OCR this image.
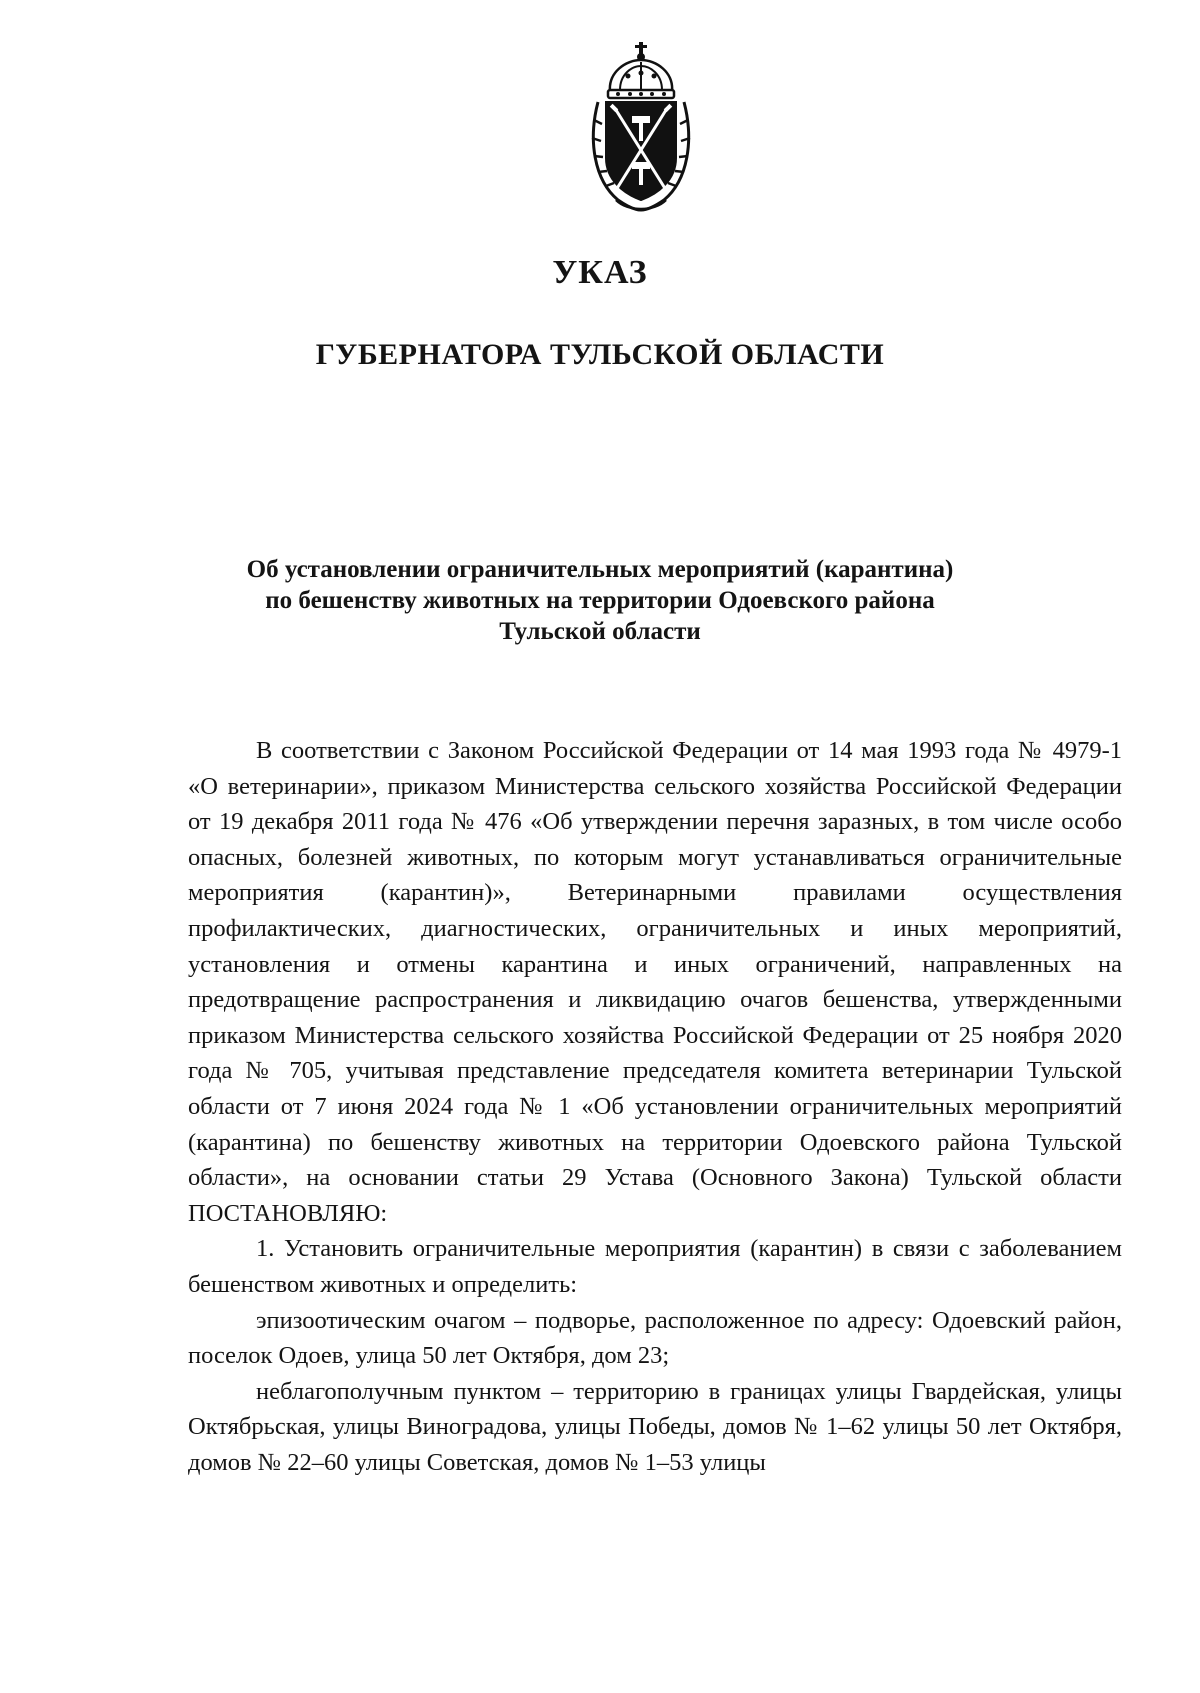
УКАЗ
ГУБЕРНАТОРА ТУЛЬСКОЙ ОБЛАСТИ
Об установлении ограничительных мероприятий (карантина)
по бешенству животных на территории Одоевского района
Тульской области

В соответствии с Законом Российской Федерации от 14 мая 1993 года № 4979-1 «О ветеринарии», приказом Министерства сельского хозяйства Российской Федерации от 19 декабря 2011 года № 476 «Об утверждении перечня заразных, в том числе особо опасных, болезней животных, по которым могут устанавливаться ограничительные мероприятия (карантин)», Ветеринарными правилами осуществления профилактических, диагностических, ограничительных и иных мероприятий, установления и отмены карантина и иных ограничений, направленных на предотвращение распространения и ликвидацию очагов бешенства, утвержденными приказом Министерства сельского хозяйства Российской Федерации от 25 ноября 2020 года № 705, учитывая представление председателя комитета ветеринарии Тульской области от 7 июня 2024 года № 1 «Об установлении ограничительных мероприятий (карантина) по бешенству животных на территории Одоевского района Тульской области», на основании статьи 29 Устава (Основного Закона) Тульской области ПОСТАНОВЛЯЮ:

1. Установить ограничительные мероприятия (карантин) в связи с заболеванием бешенством животных и определить:

эпизоотическим очагом – подворье, расположенное по адресу: Одоевский район, поселок Одоев, улица 50 лет Октября, дом 23;

неблагополучным пунктом – территорию в границах улицы Гвардейская, улицы Октябрьская, улицы Виноградова, улицы Победы, домов № 1–62 улицы 50 лет Октября, домов № 22–60 улицы Советская, домов № 1–53 улицы
